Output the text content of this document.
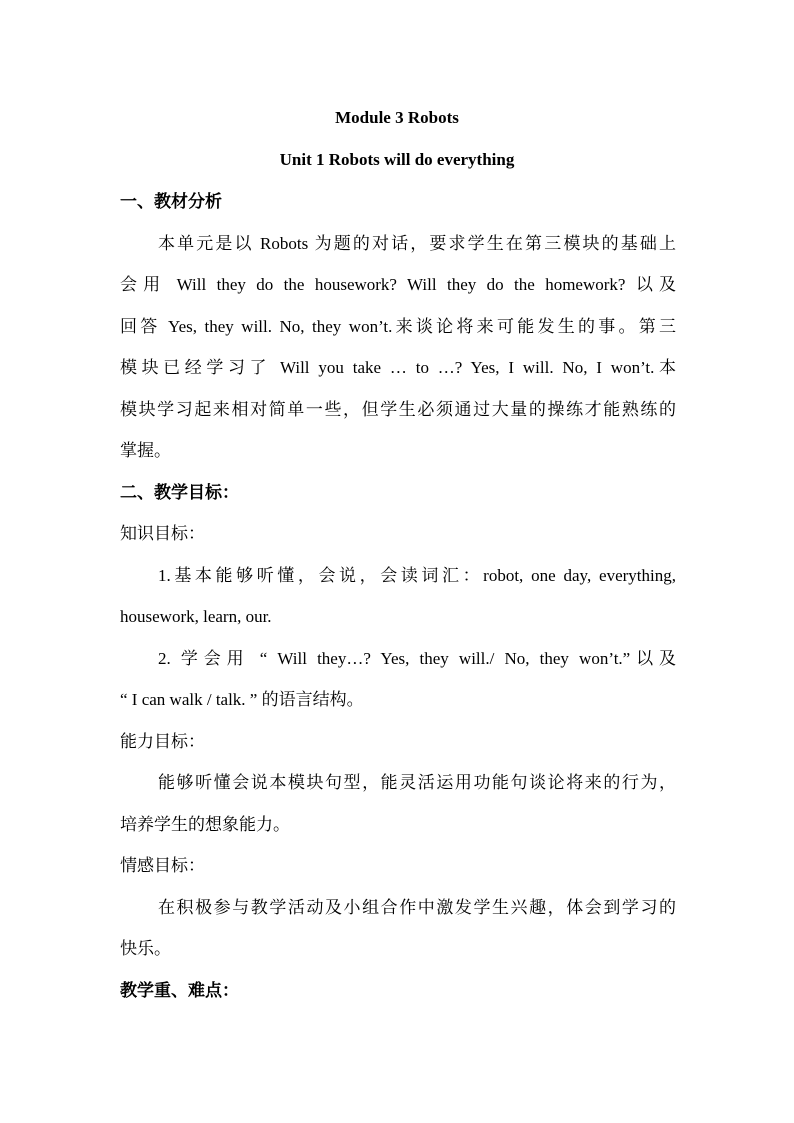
Module 3 Robots
Unit 1 Robots will do everything
一、教材分析
本单元是以 Robots 为题的对话，要求学生在第三模块的基础上
会用 Will they do the housework? Will they do the homework? 以及
回答 Yes, they will. No, they won’t.来谈论将来可能发生的事。第三
模块已经学习了 Will you take … to …? Yes, I will. No, I won’t.本
模块学习起来相对简单一些，但学生必须通过大量的操练才能熟练的
掌握。
二、教学目标：
知识目标：
1.基本能够听懂，会说，会读词汇：robot, one day, everything,
housework, learn, our.
2. 学会用 “ Will they…? Yes, they will./ No, they won’t.”以及
“ I can walk / talk. ” 的语言结构。
能力目标：
能够听懂会说本模块句型，能灵活运用功能句谈论将来的行为，
培养学生的想象能力。
情感目标：
在积极参与教学活动及小组合作中激发学生兴趣，体会到学习的
快乐。
教学重、难点：
